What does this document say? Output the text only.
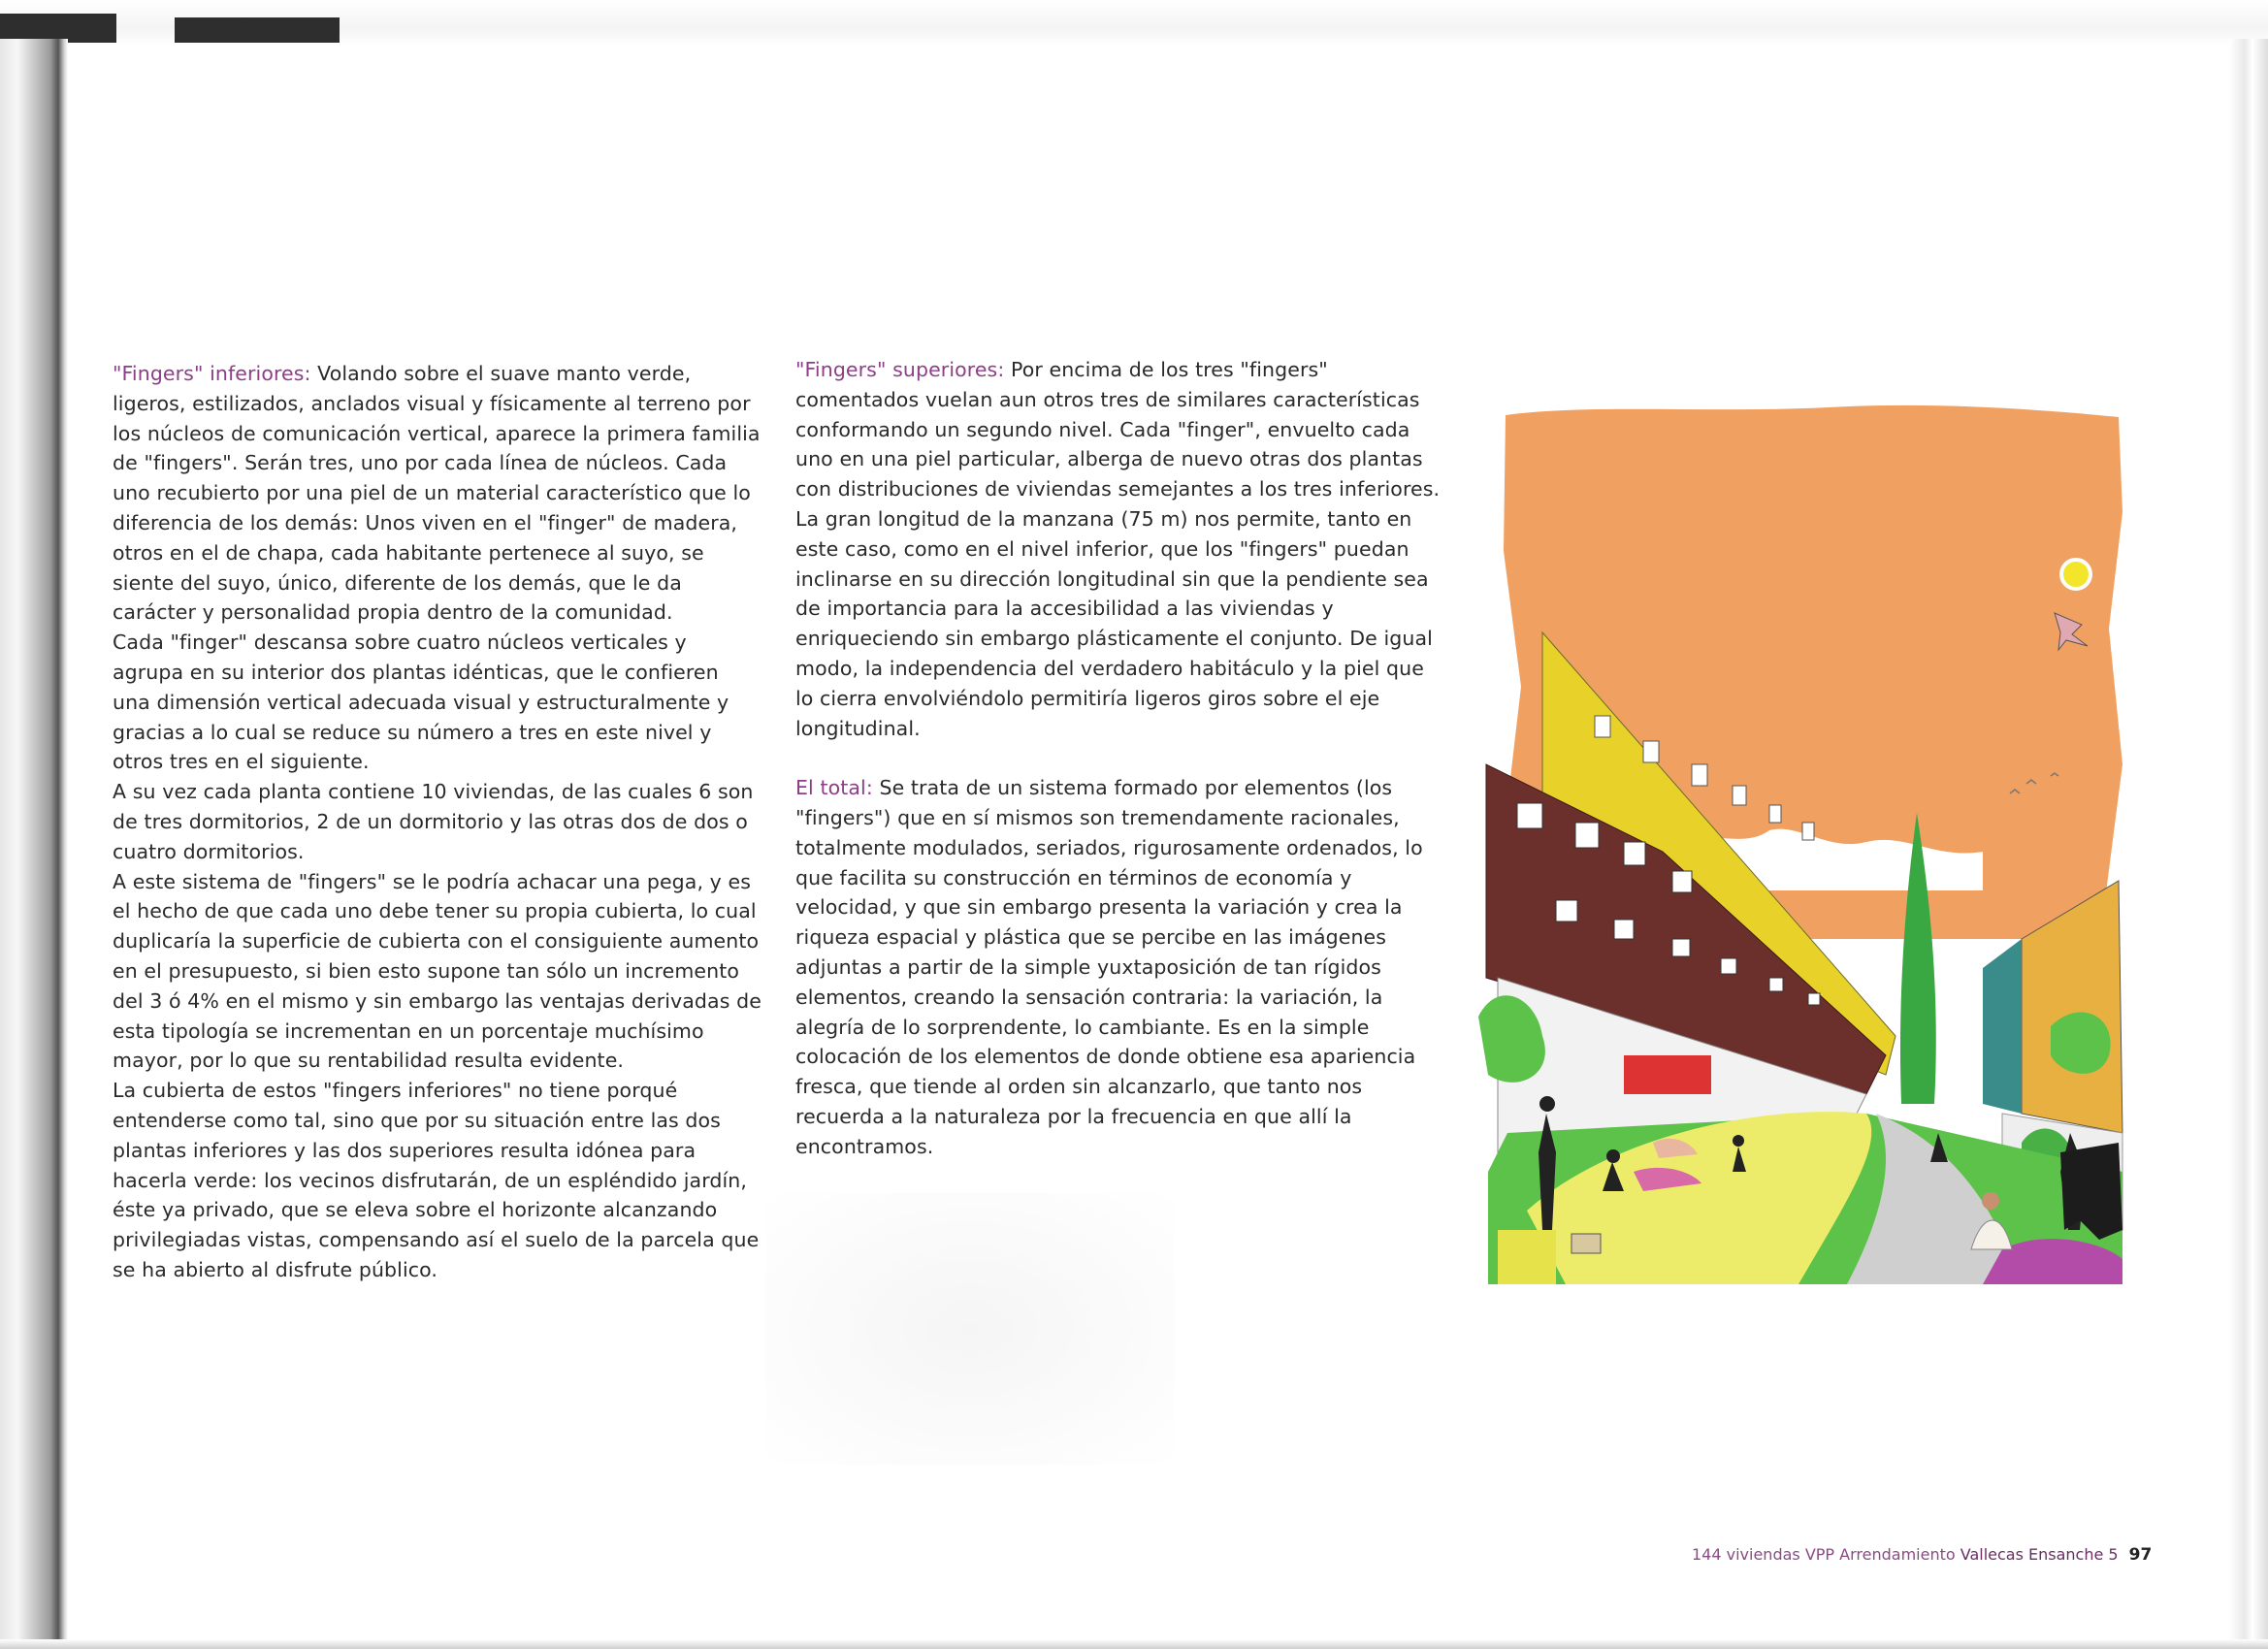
"Fingers" inferiores: Volando sobre el suave manto verde, ligeros, estilizados, anclados visual y físicamente al terreno por los núcleos de comunicación vertical, aparece la primera familia de "fingers". Serán tres, uno por cada línea de núcleos. Cada uno recubierto por una piel de un material característico que lo diferencia de los demás: Unos viven en el "finger" de madera, otros en el de chapa, cada habitante pertenece al suyo, se siente del suyo, único, diferente de los demás, que le da carácter y personalidad propia dentro de la comunidad.

Cada "finger" descansa sobre cuatro núcleos verticales y agrupa en su interior dos plantas idénticas, que le confieren una dimensión vertical adecuada visual y estructuralmente y gracias a lo cual se reduce su número a tres en este nivel y otros tres en el siguiente.

A su vez cada planta contiene 10 viviendas, de las cuales 6 son de tres dormitorios, 2 de un dormitorio y las otras dos de dos o cuatro dormitorios.

A este sistema de "fingers" se le podría achacar una pega, y es el hecho de que cada uno debe tener su propia cubierta, lo cual duplicaría la superficie de cubierta con el consiguiente aumento en el presupuesto, si bien esto supone tan sólo un incremento del 3 ó 4% en el mismo y sin embargo las ventajas derivadas de esta tipología se incrementan en un porcentaje muchísimo mayor, por lo que su rentabilidad resulta evidente.

La cubierta de estos "fingers inferiores" no tiene porqué entenderse como tal, sino que por su situación entre las dos plantas inferiores y las dos superiores resulta idónea para hacerla verde: los vecinos disfrutarán, de un espléndido jardín, éste ya privado, que se eleva sobre el horizonte alcanzando privilegiadas vistas, compensando así el suelo de la parcela que se ha abierto al disfrute público.

"Fingers" superiores: Por encima de los tres "fingers" comentados vuelan aun otros tres de similares características conformando un segundo nivel. Cada "finger", envuelto cada uno en una piel particular, alberga de nuevo otras dos plantas con distribuciones de viviendas semejantes a los tres inferiores.

La gran longitud de la manzana (75 m) nos permite, tanto en este caso, como en el nivel inferior, que los "fingers" puedan inclinarse en su dirección longitudinal sin que la pendiente sea de importancia para la accesibilidad a las viviendas y enriqueciendo sin embargo plásticamente el conjunto. De igual modo, la independencia del verdadero habitáculo y la piel que lo cierra envolviéndolo permitiría ligeros giros sobre el eje longitudinal.

El total: Se trata de un sistema formado por elementos (los "fingers") que en sí mismos son tremendamente racionales, totalmente modulados, seriados, rigurosamente ordenados, lo que facilita su construcción en términos de economía y velocidad, y que sin embargo presenta la variación y crea la riqueza espacial y plástica que se percibe en las imágenes adjuntas a partir de la simple yuxtaposición de tan rígidos elementos, creando la sensación contraria: la variación, la alegría de lo sorprendente, lo cambiante. Es en la simple colocación de los elementos de donde obtiene esa apariencia fresca, que tiende al orden sin alcanzarlo, que tanto nos recuerda a la naturaleza por la frecuencia en que allí la encontramos.

144 viviendas VPP Arrendamiento Vallecas Ensanche 5 97
